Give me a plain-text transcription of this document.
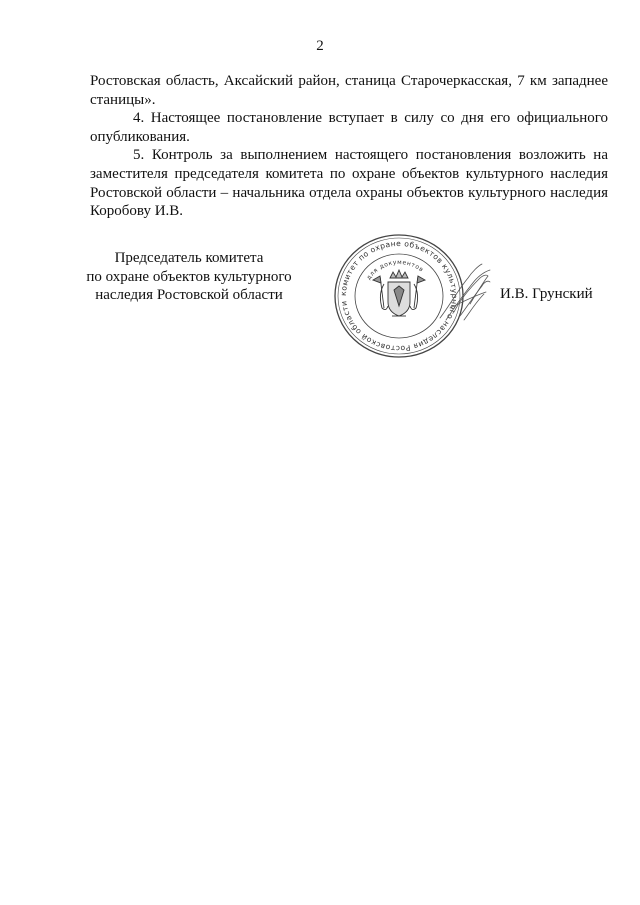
2

Ростовская область, Аксайский район, станица Старочеркасская, 7 км западнее станицы».

4. Настоящее постановление вступает в силу со дня его официального опубликования.

5. Контроль за выполнением настоящего постановления возложить на заместителя председателя комитета по охране объектов культурного наследия Ростовской области – начальника отдела охраны объектов культурного наследия Коробову И.В.

Председатель комитета
по охране объектов культурного
наследия Ростовской области	комитет по охране объектов культурного наследия Ростовской области
для документов
И.В. Грунский
